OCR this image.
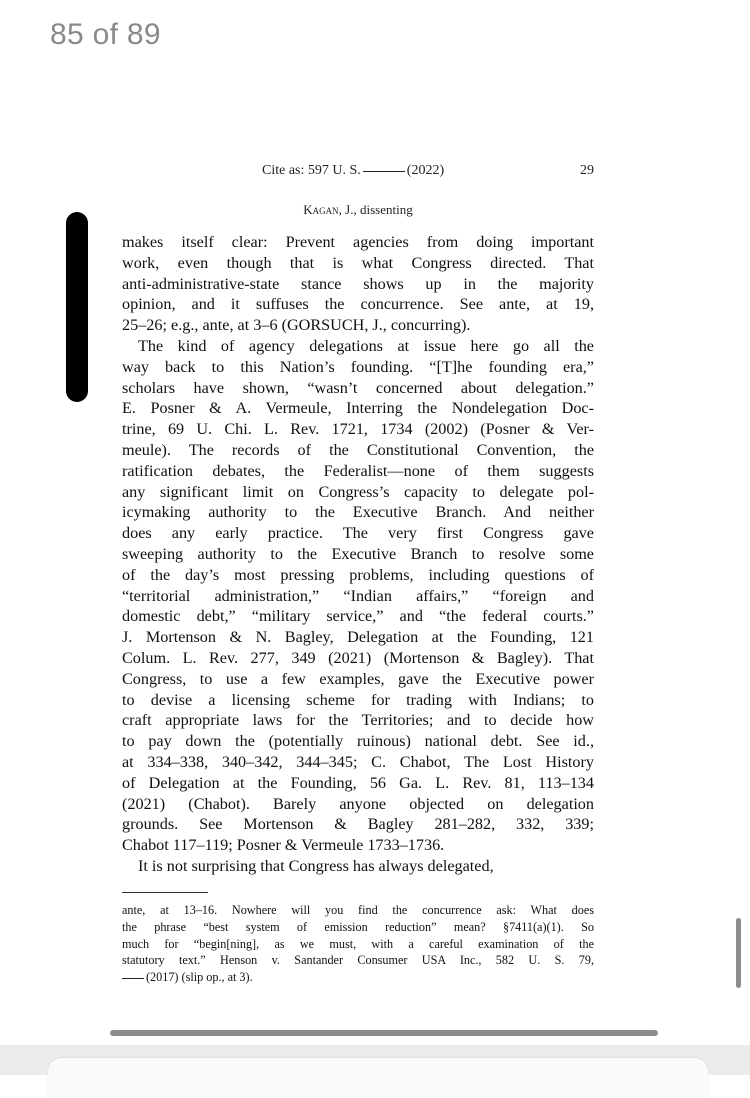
85 of 89
Cite as: 597 U. S.	(2022)	29
Kagan, J., dissenting
makes itself clear: Prevent agencies from doing important
work, even though that is what Congress directed. That
anti-administrative-state stance shows up in the majority
opinion, and it suffuses the concurrence. See ante, at 19,
25–26; e.g., ante, at 3–6 (GORSUCH, J., concurring).
The kind of agency delegations at issue here go all the
way back to this Nation’s founding. “[T]he founding era,”
scholars have shown, “wasn’t concerned about delegation.”
E. Posner & A. Vermeule, Interring the Nondelegation Doc-
trine, 69 U. Chi. L. Rev. 1721, 1734 (2002) (Posner & Ver-
meule). The records of the Constitutional Convention, the
ratification debates, the Federalist—none of them suggests
any significant limit on Congress’s capacity to delegate pol-
icymaking authority to the Executive Branch. And neither
does any early practice. The very first Congress gave
sweeping authority to the Executive Branch to resolve some
of the day’s most pressing problems, including questions of
“territorial administration,” “Indian affairs,” “foreign and
domestic debt,” “military service,” and “the federal courts.”
J. Mortenson & N. Bagley, Delegation at the Founding, 121
Colum. L. Rev. 277, 349 (2021) (Mortenson & Bagley). That
Congress, to use a few examples, gave the Executive power
to devise a licensing scheme for trading with Indians; to
craft appropriate laws for the Territories; and to decide how
to pay down the (potentially ruinous) national debt. See id.,
at 334–338, 340–342, 344–345; C. Chabot, The Lost History
of Delegation at the Founding, 56 Ga. L. Rev. 81, 113–134
(2021) (Chabot). Barely anyone objected on delegation
grounds. See Mortenson & Bagley 281–282, 332, 339;
Chabot 117–119; Posner & Vermeule 1733–1736.
It is not surprising that Congress has always delegated,
ante, at 13–16. Nowhere will you find the concurrence ask: What does
the phrase “best system of emission reduction” mean? §7411(a)(1). So
much for “begin[ning], as we must, with a careful examination of the
statutory text.” Henson v. Santander Consumer USA Inc., 582 U. S. 79,
(2017) (slip op., at 3).
